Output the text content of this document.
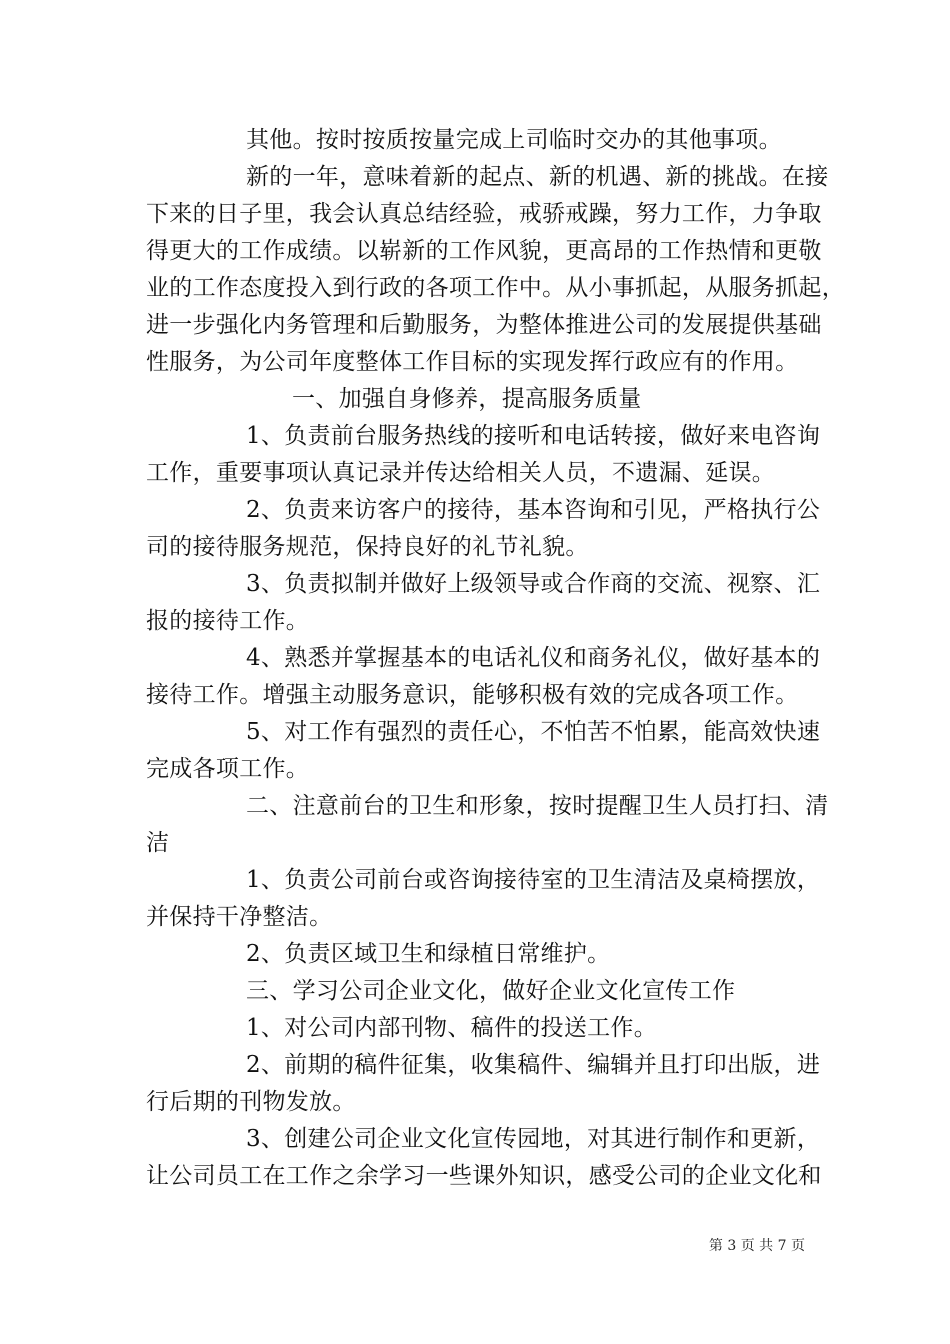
其他。按时按质按量完成上司临时交办的其他事项。
新的一年，意味着新的起点、新的机遇、新的挑战。在接
下来的日子里，我会认真总结经验，戒骄戒躁，努力工作，力争取
得更大的工作成绩。以崭新的工作风貌，更高昂的工作热情和更敬
业的工作态度投入到行政的各项工作中。从小事抓起，从服务抓起，
进一步强化内务管理和后勤服务，为整体推进公司的发展提供基础
性服务，为公司年度整体工作目标的实现发挥行政应有的作用。
一、加强自身修养，提高服务质量
1、负责前台服务热线的接听和电话转接，做好来电咨询
工作，重要事项认真记录并传达给相关人员，不遗漏、延误。
2、负责来访客户的接待，基本咨询和引见，严格执行公
司的接待服务规范，保持良好的礼节礼貌。
3、负责拟制并做好上级领导或合作商的交流、视察、汇
报的接待工作。
4、熟悉并掌握基本的电话礼仪和商务礼仪，做好基本的
接待工作。增强主动服务意识，能够积极有效的完成各项工作。
5、对工作有强烈的责任心，不怕苦不怕累，能高效快速
完成各项工作。
二、注意前台的卫生和形象，按时提醒卫生人员打扫、清
洁
1、负责公司前台或咨询接待室的卫生清洁及桌椅摆放，
并保持干净整洁。
2、负责区域卫生和绿植日常维护。
三、学习公司企业文化，做好企业文化宣传工作
1、对公司内部刊物、稿件的投送工作。
2、前期的稿件征集，收集稿件、编辑并且打印出版，进
行后期的刊物发放。
3、创建公司企业文化宣传园地，对其进行制作和更新，
让公司员工在工作之余学习一些课外知识，感受公司的企业文化和
第 3 页 共 7 页
